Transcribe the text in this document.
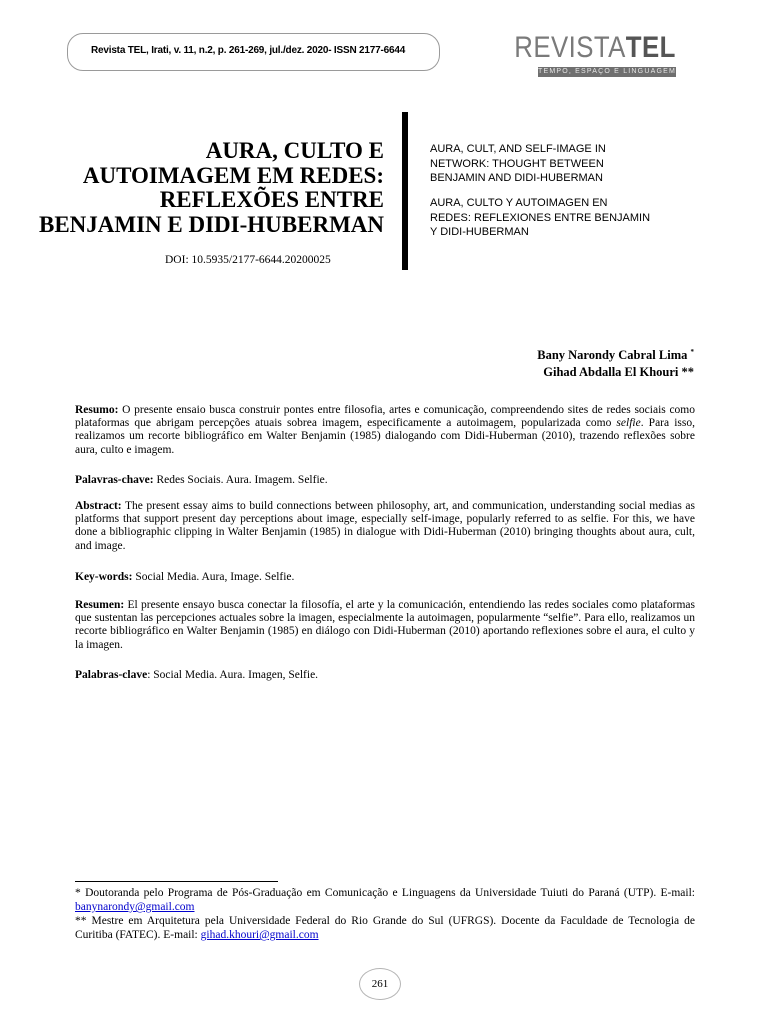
Revista TEL, Irati, v. 11, n.2, p. 261-269, jul./dez. 2020- ISSN 2177-6644	REVISTATEL
TEMPO, ESPAÇO E LINGUAGEM
AURA, CULTO E
AUTOIMAGEM EM REDES:
REFLEXÕES ENTRE
BENJAMIN E DIDI-HUBERMAN
DOI: 10.5935/2177-6644.20200025

AURA, CULT, AND SELF-IMAGE IN
NETWORK: THOUGHT BETWEEN
BENJAMIN AND DIDI-HUBERMAN

AURA, CULTO Y AUTOIMAGEN EN
REDES: REFLEXIONES ENTRE BENJAMIN
Y DIDI-HUBERMAN

Bany Narondy Cabral Lima *
Gihad Abdalla El Khouri **

Resumo: O presente ensaio busca construir pontes entre filosofia, artes e comunicação, compreendendo sites de redes sociais como plataformas que abrigam percepções atuais sobrea imagem, especificamente a autoimagem, popularizada como selfie. Para isso, realizamos um recorte bibliográfico em Walter Benjamin (1985) dialogando com Didi-Huberman (2010), trazendo reflexões sobre aura, culto e imagem.

Palavras-chave: Redes Sociais. Aura. Imagem. Selfie.

Abstract: The present essay aims to build connections between philosophy, art, and communication, understanding social medias as platforms that support present day perceptions about image, especially self-image, popularly referred to as selfie. For this, we have done a bibliographic clipping in Walter Benjamin (1985) in dialogue with Didi-Huberman (2010) bringing thoughts about aura, cult, and image.

Key-words: Social Media. Aura, Image. Selfie.

Resumen: El presente ensayo busca conectar la filosofía, el arte y la comunicación, entendiendo las redes sociales como plataformas que sustentan las percepciones actuales sobre la imagen, especialmente la autoimagen, popularmente “selfie”. Para ello, realizamos un recorte bibliográfico en Walter Benjamin (1985) en diálogo con Didi-Huberman (2010) aportando reflexiones sobre el aura, el culto y la imagen.

Palabras-clave: Social Media. Aura. Imagen, Selfie.

* Doutoranda pelo Programa de Pós-Graduação em Comunicação e Linguagens da Universidade Tuiuti do Paraná (UTP). E-mail: banynarondy@gmail.com

** Mestre em Arquitetura pela Universidade Federal do Rio Grande do Sul (UFRGS). Docente da Faculdade de Tecnologia de Curitiba (FATEC). E-mail: gihad.khouri@gmail.com

261
